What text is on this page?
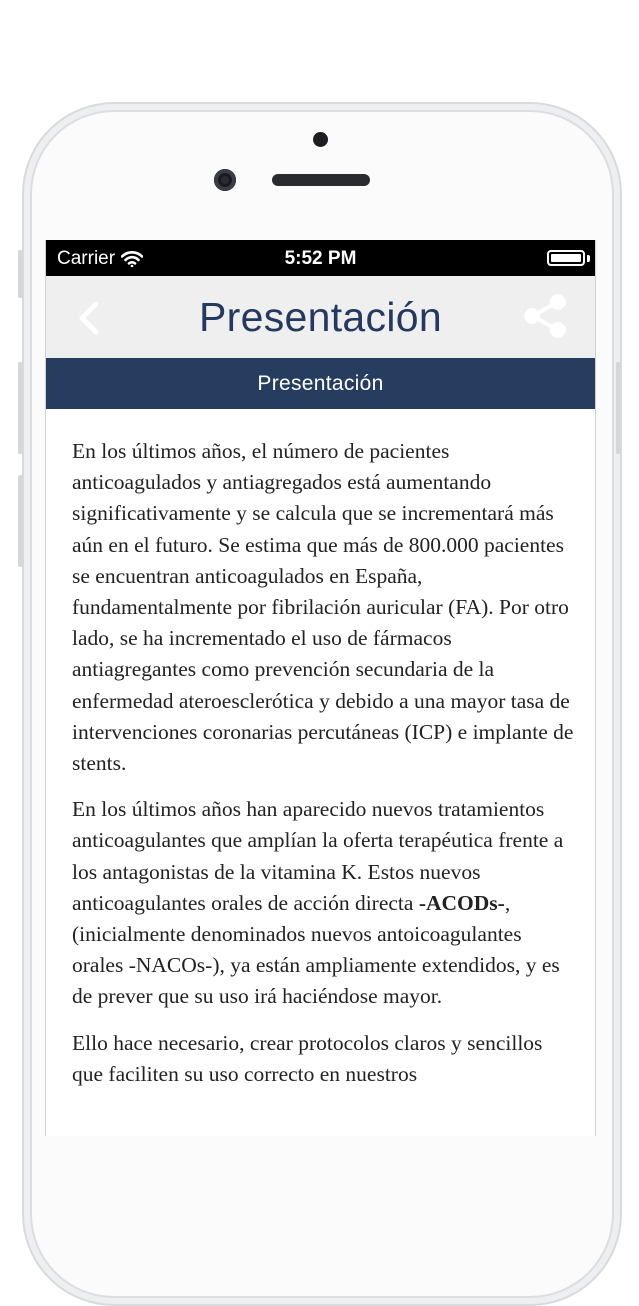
Carrier	5:52 PM
Presentación
Presentación

En los últimos años, el número de pacientes anticoagulados y antiagregados está aumentando significativamente y se calcula que se incrementará más aún en el futuro. Se estima que más de 800.000 pacientes se encuentran anticoagulados en España, fundamentalmente por fibrilación auricular (FA). Por otro lado, se ha incrementado el uso de fármacos antiagregantes como prevención secundaria de la enfermedad ateroesclerótica y debido a una mayor tasa de intervenciones coronarias percutáneas (ICP) e implante de stents.

En los últimos años han aparecido nuevos tratamientos anticoagulantes que amplían la oferta terapéutica frente a los antagonistas de la vitamina K. Estos nuevos anticoagulantes orales de acción directa -ACODs-, (inicialmente denominados nuevos antoicoagulantes orales -NACOs-), ya están ampliamente extendidos, y es de prever que su uso irá haciéndose mayor.

Ello hace necesario, crear protocolos claros y sencillos que faciliten su uso correcto en nuestros
